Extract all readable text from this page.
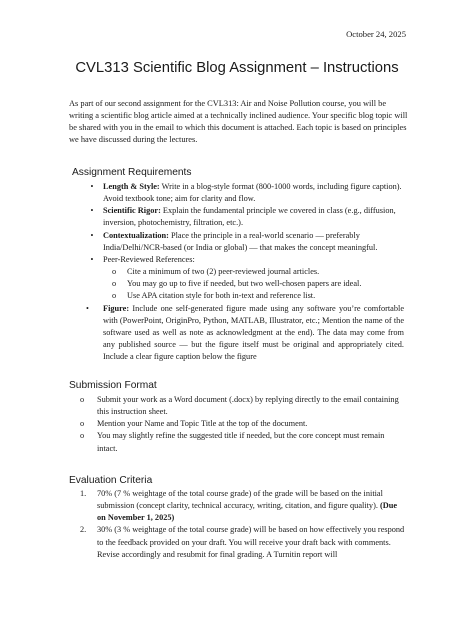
October 24, 2025
CVL313 Scientific Blog Assignment – Instructions
As part of our second assignment for the CVL313: Air and Noise Pollution course, you will be writing a scientific blog article aimed at a technically inclined audience. Your specific blog topic will be shared with you in the email to which this document is attached. Each topic is based on principles we have discussed during the lectures.
Assignment Requirements
•	Length & Style: Write in a blog-style format (800-1000 words, including figure caption). Avoid textbook tone; aim for clarity and flow.
•	Scientific Rigor: Explain the fundamental principle we covered in class (e.g., diffusion, inversion, photochemistry, filtration, etc.).
•	Contextualization: Place the principle in a real-world scenario — preferably India/Delhi/NCR-based (or India or global) — that makes the concept meaningful.
•	Peer-Reviewed References:
o Cite a minimum of two (2) peer-reviewed journal articles.
o You may go up to five if needed, but two well-chosen papers are ideal.
o Use APA citation style for both in-text and reference list.
•	Figure: Include one self-generated figure made using any software you’re comfortable with (PowerPoint, OriginPro, Python, MATLAB, Illustrator, etc.; Mention the name of the software used as well as note as acknowledgment at the end). The data may come from any published source — but the figure itself must be original and appropriately cited. Include a clear figure caption below the figure
Submission Format
o Submit your work as a Word document (.docx) by replying directly to the email containing this instruction sheet.
o Mention your Name and Topic Title at the top of the document.
o You may slightly refine the suggested title if needed, but the core concept must remain intact.
Evaluation Criteria
1. 70% (7 % weightage of the total course grade) of the grade will be based on the initial submission (concept clarity, technical accuracy, writing, citation, and figure quality). (Due on November 1, 2025)
2. 30% (3 % weightage of the total course grade) will be based on how effectively you respond to the feedback provided on your draft. You will receive your draft back with comments. Revise accordingly and resubmit for final grading. A Turnitin report will
